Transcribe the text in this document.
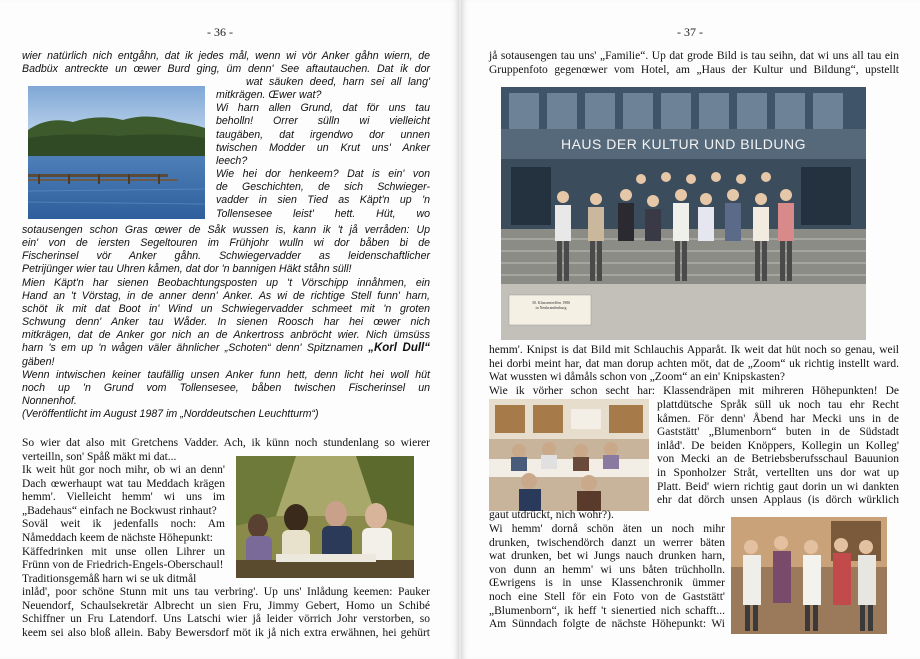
- 36 -

wier natürlich nich entgåhn, dat ik jedes mål, wenn wi vör Anker gåhn wiern, de
Badbüx antreckte un œwer Burd ging, üm denn' See aftautauchen. Dat ik dor

wat säuken deed, harn sei all lang'
mitkrägen. Œwer wat?
Wi harn allen Grund, dat för uns tau
beholln! Orrer sülln wi vielleicht
taugäben, dat irgendwo dor unnen
twischen Modder un Krut uns' Anker
leech?
Wie hei dor henkeem? Dat is ein' von
de Geschichten, de sich Schwieger-
vadder in sien Tied as Käpt'n up 'n
Tollensesee leist' hett. Hüt, wo

sotausengen schon Gras œwer de Såk wussen is, kann ik 't jå verråden: Up
ein' von de iersten Segeltouren im Frühjohr wulln wi dor båben bi de
Fischerinsel vör Anker gåhn. Schwiegervadder as leidenschaftlicher
Petrijünger wier tau Uhren kåmen, dat dor 'n bannigen Häkt ståhn süll!
Mien Käpt'n har sienen Beobachtungsposten up 't Vörschipp innåhmen, ein
Hand an 't Vörstag, in de anner denn' Anker. As wi de richtige Stell funn' harn,
schöt ik mit dat Boot in' Wind un Schwiegervadder schmeet mit 'n groten
Schwung denn' Anker tau Wåder. In sienen Roosch har hei œwer nich
mitkrägen, dat de Anker gor nich an de Ankertross anbröcht wier. Nich ümsüss
harn 's em up 'n wågen väler ähnlicher „Schoten“ denn' Spitznamen „Korl Dull“
gäben!
Wenn intwischen keiner taufällig unsen Anker funn hett, denn licht hei woll hüt
noch up 'n Grund vom Tollensesee, båben twischen Fischerinsel un
Nonnenhof.
(Veröffentlicht im August 1987 im „Norddeutschen Leuchtturm“)

So wier dat also mit Gretchens Vadder. Ach, ik künn noch stundenlang so wierer
verteilln, son' Spåß mäkt mi dat...

Ik weit hüt gor noch mihr, ob wi an denn'
Dach œwerhaupt wat tau Meddach krägen
hemm'. Vielleicht hemm' wi uns im
„Badehaus“ einfach ne Bockwust rinhaut?
Soväl weit ik jedenfalls noch: Am
Nåmeddach keem de nächste Höhepunkt:
Käffedrinken mit unse ollen Lihrer un
Frünn von de Friedrich-Engels-Oberschaul!
Traditionsgemåß harn wi se uk ditmål

inlåd', poor schöne Stunn mit uns tau verbring'. Up uns' Inlådung keemen: Pauker
Neuendorf, Schaulsekretär Albrecht un sien Fru, Jimmy Gebert, Homo un Schibé
Schiffner un Fru Latendorf. Uns Latschi wier jå leider vörrich Johr verstorben, so
keem sei also bloß allein. Baby Bewersdorf möt ik jå nich extra erwähnen, hei gehürt

- 37 -

jå sotausengen tau uns' „Familie“. Up dat grode Bild is tau seihn, dat wi uns all tau ein
Gruppenfoto gegenœwer vom Hotel, am „Haus der Kultur und Bildung“, upstellt

HAUS DER KULTUR UND BILDUNG
30. Klassentreffen 1986
in Neubrandenburg

hemm'. Knipst is dat Bild mit Schlauchis Apparåt. Ik weit dat hüt noch so genau, weil
hei dorbi meint har, dat man dorup achten möt, dat de „Zoom“ uk richtig instellt ward.
Wat wussten wi dåmåls schon von „Zoom“ an ein' Knipskasten?
Wie ik vörher schon secht har: Klassendräpen mit mihreren Höhepunkten! De

plattdütsche Språk süll uk noch tau ehr Recht
kåmen. För denn' Åbend har Mecki uns in de
Gaststätt' „Blumenborn“ buten in de Südstadt
inlåd'. De beiden Knöppers, Kollegin un Kolleg'
von Mecki an de Betriebsberufsschaul Bauunion
in Sponholzer Stråt, vertellten uns dor wat up
Platt. Beid' wiern richtig gaut dorin un wi dankten
ehr dat dörch unsen Applaus (is dörch würklich

gaut utdrückt, nich wohr?).

Wi hemm' dornå schön äten un noch mihr
drunken, twischendörch danzt un werrer bäten
wat drunken, bet wi Jungs nauch drunken harn,
von dunn an hemm' wi uns båten trüchholln.
Œwrigens is in unse Klassenchronik ümmer
noch eine Stell för ein Foto von de Gaststätt'
„Blumenborn“, ik heff 't sienertied nich schafft...
Am Sünndach folgte de nächste Höhepunkt: Wi
